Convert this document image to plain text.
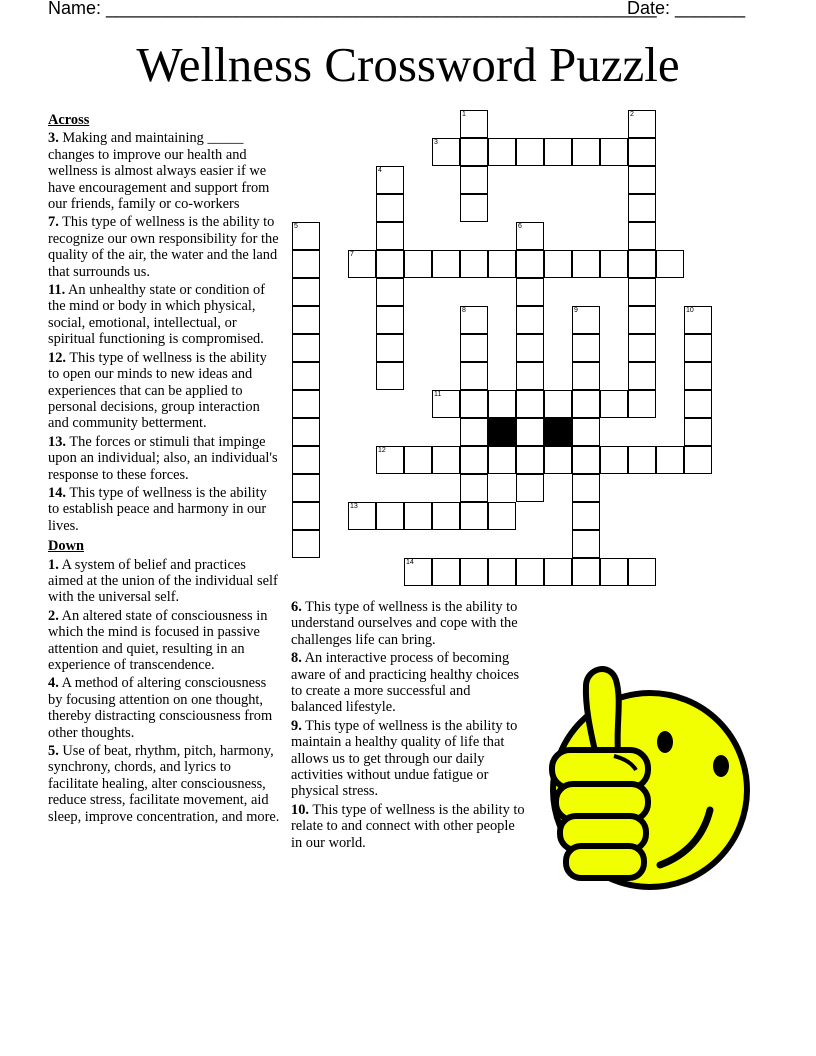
Name: _______________________________________________________
Date: _______
Wellness Crossword Puzzle
Across
3. Making and maintaining _____ changes to improve our health and wellness is almost always easier if we have encouragement and support from our friends, family or co-workers
7. This type of wellness is the ability to recognize our own responsibility for the quality of the air, the water and the land that surrounds us.
11. An unhealthy state or condition of the mind or body in which physical, social, emotional, intellectual, or spiritual functioning is compromised.
12. This type of wellness is the ability to open our minds to new ideas and experiences that can be applied to personal decisions, group interaction and community betterment.
13. The forces or stimuli that impinge upon an individual; also, an individual's response to these forces.
14. This type of wellness is the ability to establish peace and harmony in our lives.
Down
1. A system of belief and practices aimed at the union of the individual self with the universal self.
2. An altered state of consciousness in which the mind is focused in passive attention and quiet, resulting in an experience of transcendence.
4. A method of altering consciousness by focusing attention on one thought, thereby distracting consciousness from other thoughts.
5. Use of beat, rhythm, pitch, harmony, synchrony, chords, and lyrics to facilitate healing, alter consciousness, reduce stress, facilitate movement, aid sleep, improve concentration, and more.
6. This type of wellness is the ability to understand ourselves and cope with the challenges life can bring.
8. An interactive process of becoming aware of and practicing healthy choices to create a more successful and balanced lifestyle.
9. This type of wellness is the ability to maintain a healthy quality of life that allows us to get through our daily activities without undue fatigue or physical stress.
10. This type of wellness is the ability to relate to and connect with other people in our world.
1	2
3
4
5	6
7
8	9	10
11
12
13
14
